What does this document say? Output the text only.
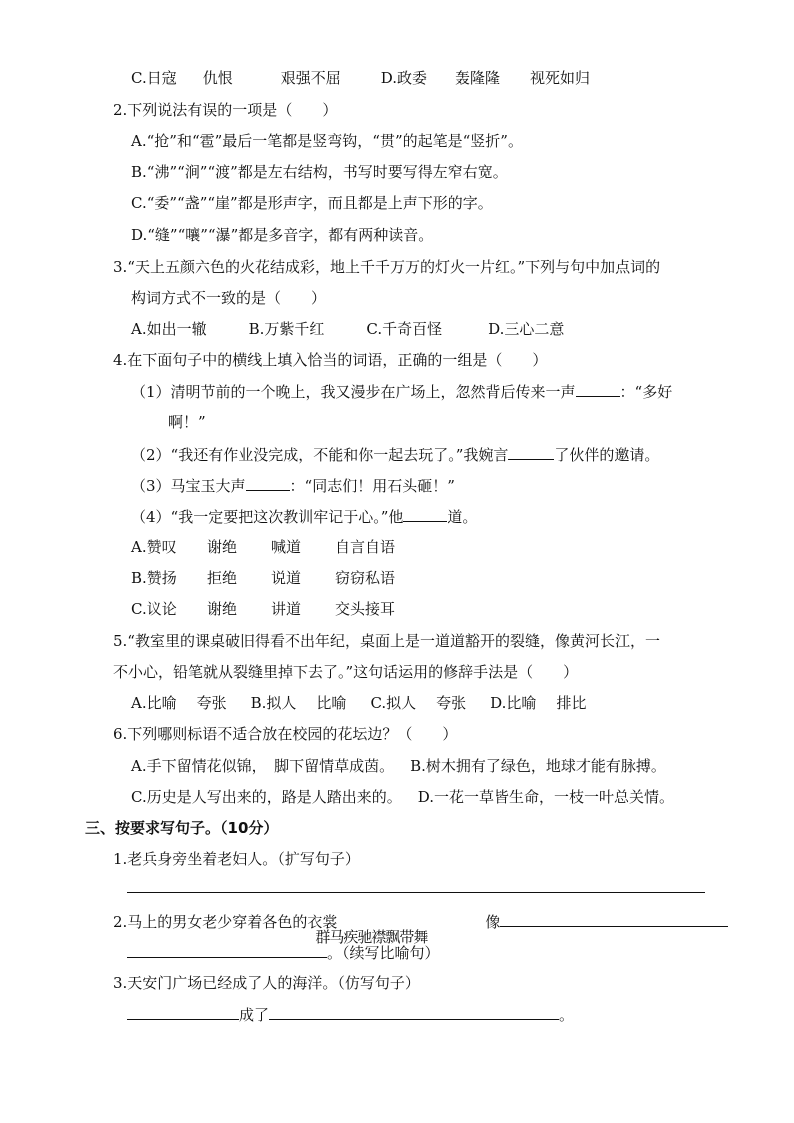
C.日寇 仇恨	艰强不屈	D.政委 轰隆隆 视死如归
2.下列说法有误的一项是（　　）
A.“抢”和“雹”最后一笔都是竖弯钩，“贯”的起笔是“竖折”。
B.“沸”“涧”“渡”都是左右结构，书写时要写得左窄右宽。
C.“委”“盏”“崖”都是形声字，而且都是上声下形的字。
D.“缝”“嚷”“瀑”都是多音字，都有两种读音。
3.“天上五颜六色的火花结成彩，地上千千万万的灯火一片红。”下列与句中加点词的
构词方式不一致的是（　　）
A.如出一辙	B.万紫千红	C.千奇百怪	D.三心二意
4.在下面句子中的横线上填入恰当的词语，正确的一组是（　　）
（1）清明节前的一个晚上，我又漫步在广场上，忽然背后传来一声	：“多好
啊！”
（2）“我还有作业没完成，不能和你一起去玩了。”我婉言	了伙伴的邀请。
（3）马宝玉大声	：“同志们！用石头砸！”
（4）“我一定要把这次教训牢记于心。”他	道。
A.赞叹 谢绝 喊道 自言自语
B.赞扬 拒绝 说道 窃窃私语
C.议论 谢绝 讲道 交头接耳
5.“教室里的课桌破旧得看不出年纪，桌面上是一道道豁开的裂缝，像黄河长江，一
不小心，铅笔就从裂缝里掉下去了。”这句话运用的修辞手法是（　　）
A.比喻 夸张 B.拟人 比喻 C.拟人 夸张 D.比喻 排比
6.下列哪则标语不适合放在校园的花坛边？（　　）
A.手下留情花似锦，　脚下留情草成茵。 B.树木拥有了绿色，地球才能有脉搏。
C.历史是人写出来的，路是人踏出来的。 D.一花一草皆生命，一枝一叶总关情。
三、按要求写句子。（10分）
1.老兵身旁坐着老妇人。（扩写句子）
2.马上的男女老少穿着各色的衣裳
群马疾驰襟飘带舞
像
。（续写比喻句）
3.天安门广场已经成了人的海洋。（仿写句子）
成了	。
